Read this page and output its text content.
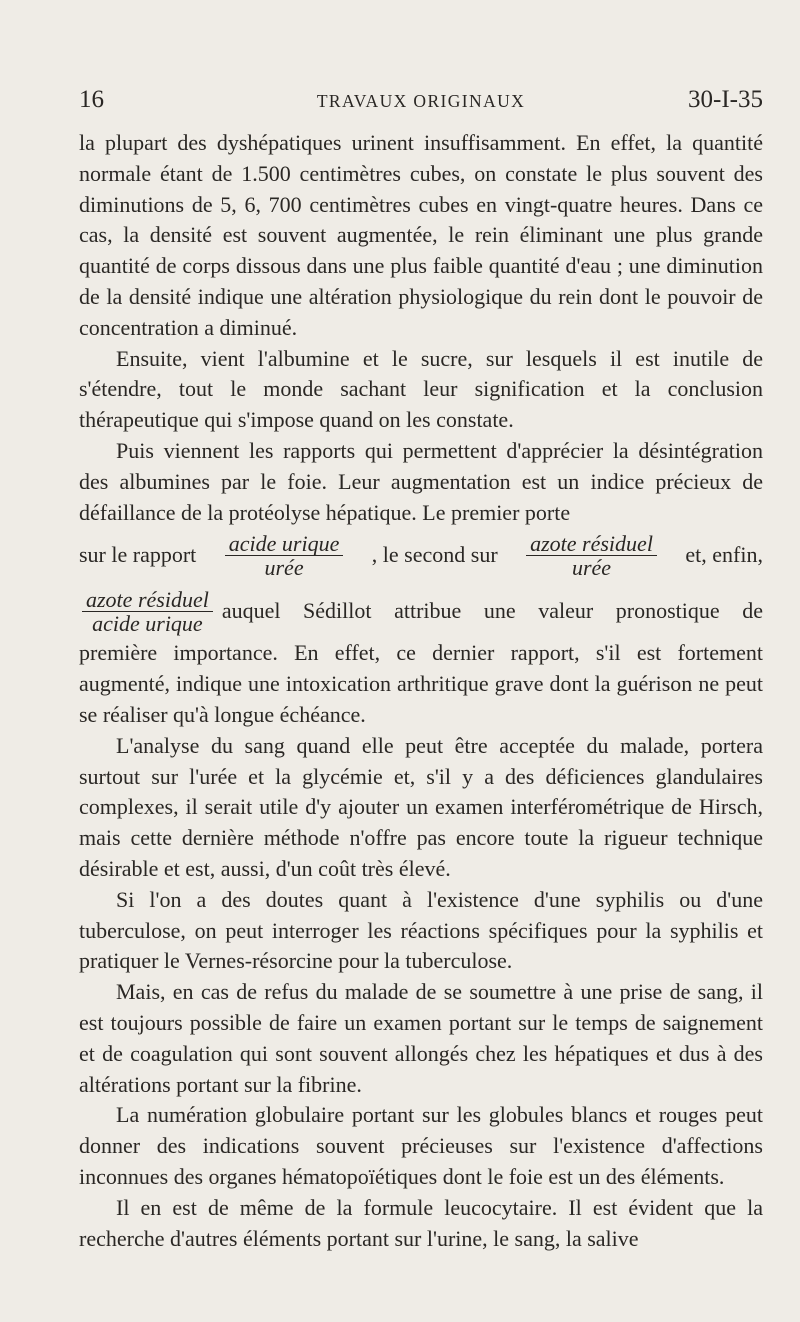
16	TRAVAUX ORIGINAUX	30-I-35

la plupart des dyshépatiques urinent insuffisamment. En effet, la quantité normale étant de 1.500 centimètres cubes, on constate le plus souvent des diminutions de 5, 6, 700 centimètres cubes en vingt-quatre heures. Dans ce cas, la densité est souvent augmentée, le rein éliminant une plus grande quantité de corps dissous dans une plus faible quantité d'eau ; une diminution de la densité indique une altération physiologique du rein dont le pouvoir de concentration a diminué.

Ensuite, vient l'albumine et le sucre, sur lesquels il est inutile de s'étendre, tout le monde sachant leur signification et la conclusion thérapeutique qui s'impose quand on les constate.

Puis viennent les rapports qui permettent d'apprécier la désintégration des albumines par le foie. Leur augmentation est un indice précieux de défaillance de la protéolyse hépatique. Le premier porte

sur le rapport $\frac{\text{acide urique}}{\text{urée}}$ , le second sur $\frac{\text{azote résiduel}}{\text{urée}}$ et, enfin,
$\frac{\text{azote résiduel}}{\text{acide urique}}$ auquel Sédillot attribue une valeur pronostique de

première importance. En effet, ce dernier rapport, s'il est fortement augmenté, indique une intoxication arthritique grave dont la guérison ne peut se réaliser qu'à longue échéance.

L'analyse du sang quand elle peut être acceptée du malade, portera surtout sur l'urée et la glycémie et, s'il y a des déficiences glandulaires complexes, il serait utile d'y ajouter un examen interférométrique de Hirsch, mais cette dernière méthode n'offre pas encore toute la rigueur technique désirable et est, aussi, d'un coût très élevé.

Si l'on a des doutes quant à l'existence d'une syphilis ou d'une tuberculose, on peut interroger les réactions spécifiques pour la syphilis et pratiquer le Vernes-résorcine pour la tuberculose.

Mais, en cas de refus du malade de se soumettre à une prise de sang, il est toujours possible de faire un examen portant sur le temps de saignement et de coagulation qui sont souvent allongés chez les hépatiques et dus à des altérations portant sur la fibrine.

La numération globulaire portant sur les globules blancs et rouges peut donner des indications souvent précieuses sur l'existence d'affections inconnues des organes hématopoïétiques dont le foie est un des éléments.

Il en est de même de la formule leucocytaire. Il est évident que la recherche d'autres éléments portant sur l'urine, le sang, la salive
